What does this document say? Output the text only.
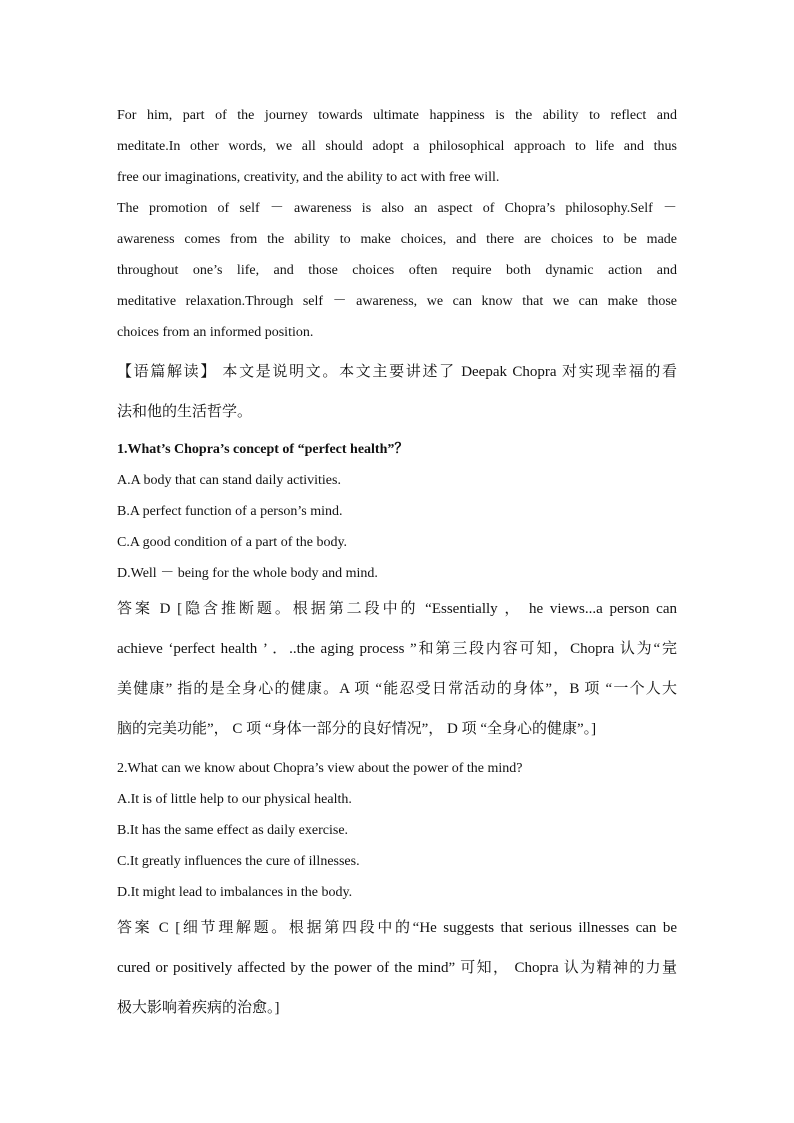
For him, part of the journey towards ultimate happiness is the ability to reflect and

meditate.In other words, we all should adopt a philosophical approach to life and thus

free our imaginations, creativity, and the ability to act with free will.

The promotion of self － awareness is also an aspect of Chopra’s philosophy.Self －

awareness comes from the ability to make choices, and there are choices to be made

throughout one’s life, and those choices often require both dynamic action and

meditative relaxation.Through self － awareness, we can know that we can make those

choices from an informed position.

【语篇解读】 本文是说明文。本文主要讲述了 Deepak Chopra 对实现幸福的看

法和他的生活哲学。

1.What’s Chopra’s concept of “perfect health”？

A.A body that can stand daily activities.

B.A perfect function of a person’s mind.

C.A good condition of a part of the body.

D.Well － being for the whole body and mind.

答案 D [隐含推断题。根据第二段中的 “Essentially ， he views...a person can

achieve ‘perfect health ’ ．..the aging process ”和第三段内容可知，Chopra 认为“完

美健康” 指的是全身心的健康。A 项 “能忍受日常活动的身体”，B 项 “一个人大

脑的完美功能”， C 项 “身体一部分的良好情况”， D 项 “全身心的健康”。]

2.What can we know about Chopra’s view about the power of the mind?

A.It is of little help to our physical health.

B.It has the same effect as daily exercise.

C.It greatly influences the cure of illnesses.

D.It might lead to imbalances in the body.

答案 C [细节理解题。根据第四段中的“He suggests that serious illnesses can be

cured or positively affected by the power of the mind” 可知， Chopra 认为精神的力量

极大影响着疾病的治愈。]
